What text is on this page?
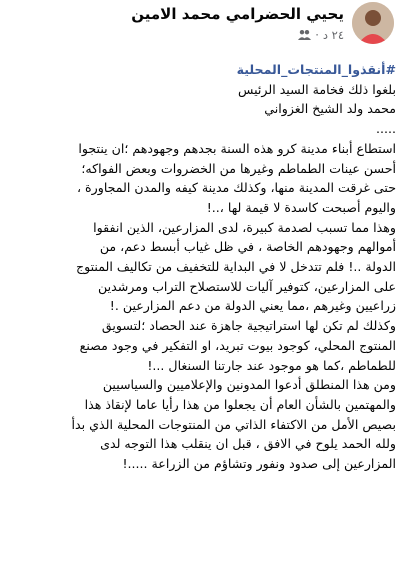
يحيي الحضرامي محمد الامين
٢٤ د
·
#أنقذوا_المنتجات_المحلية
بلغوا ذلك فخامة السيد الرئيس
محمد ولد الشيخ الغزواني
.....
استطاع أبناء مدينة كرو هذه السنة بجدهم وجهودهم ؛ان ينتجوا
أحسن عينات الطماطم وغيرها من الخضروات وبعض الفواكه؛
حتى غرقت المدينة منها، وكذلك مدينة كيفه والمدن المجاورة ،
واليوم أصبحت كاسدة لا قيمة لها ،..!
وهذا مما تسبب لصدمة كبيرة، لدى المزارعين، الذين انفقوا
أموالهم وجهودهم الخاصة ، في ظل غياب أبسط دعم، من
الدولة ..! فلم تتدخل لا في البداية للتخفيف من تكاليف المنتوج
على المزارعين، كتوفير آليات للاستصلاح التراب ومرشدين
زراعيين وغيرهم ،مما يعني الدولة من دعم المزارعين .!
وكذلك لم تكن لها استراتيجية جاهزة عند الحصاد ؛لتسويق
المنتوج المحلي، كوجود بيوت تبريد، او التفكير في وجود مصنع
للطماطم ،كما هو موجود عند جارتنا السنغال ...!
ومن هذا المنطلق أدعوا المدونين والإعلاميين والسياسيين
والمهتمين بالشأن العام أن يجعلوا من هذا رأيا عاما لإنقاذ هذا
بصيص الأمل من الاكتفاء الذاتي من المنتوجات المحلية الذي بدأ
ولله الحمد يلوح في الافق ، قبل ان ينقلب هذا التوجه لدى
المزارعين إلى صدود ونفور وتشاؤم من الزراعة .....!
